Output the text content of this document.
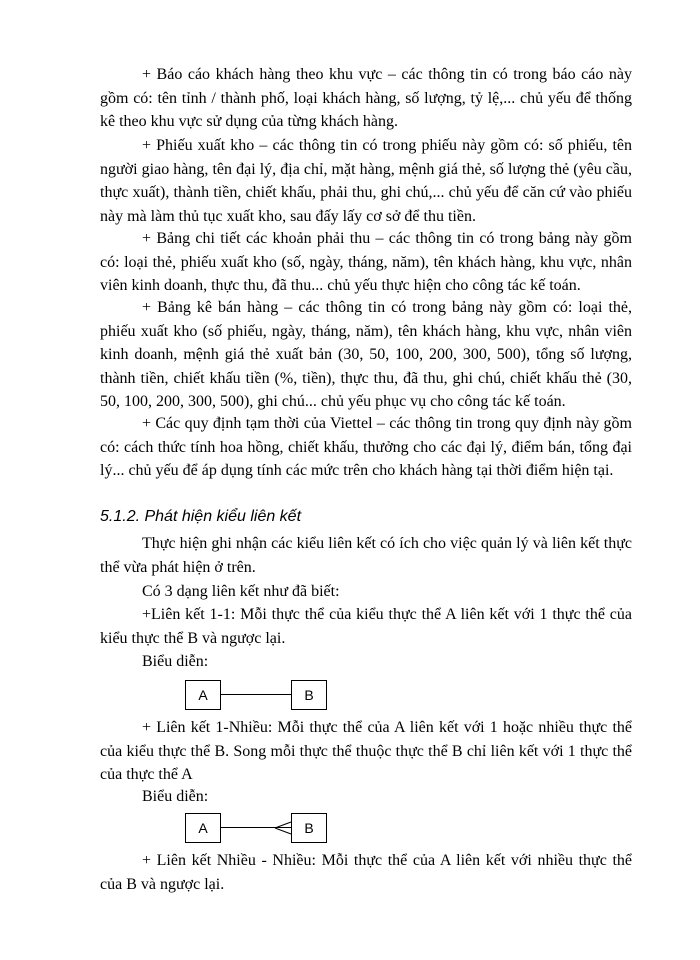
+ Báo cáo khách hàng theo khu vực – các thông tin có trong báo cáo này gồm có: tên tỉnh / thành phố, loại khách hàng, số lượng, tỷ lệ,... chủ yếu để thống kê theo khu vực sử dụng của từng khách hàng.

+ Phiếu xuất kho – các thông tin có trong phiếu này gồm có: số phiếu, tên người giao hàng, tên đại lý, địa chỉ, mặt hàng, mệnh giá thẻ, số lượng thẻ (yêu cầu, thực xuất), thành tiền, chiết khấu, phải thu, ghi chú,... chủ yếu để căn cứ vào phiếu này mà làm thủ tục xuất kho, sau đấy lấy cơ sở để thu tiền.

+ Bảng chi tiết các khoản phải thu – các thông tin có trong bảng này gồm có: loại thẻ, phiếu xuất kho (số, ngày, tháng, năm), tên khách hàng, khu vực, nhân viên kinh doanh, thực thu, đã thu... chủ yếu thực hiện cho công tác kế toán.

+ Bảng kê bán hàng – các thông tin có trong bảng này gồm có: loại thẻ, phiếu xuất kho (số phiếu, ngày, tháng, năm), tên khách hàng, khu vực, nhân viên kinh doanh, mệnh giá thẻ xuất bản (30, 50, 100, 200, 300, 500), tổng số lượng, thành tiền, chiết khấu tiền (%, tiền), thực thu, đã thu, ghi chú, chiết khấu thẻ (30, 50, 100, 200, 300, 500), ghi chú... chủ yếu phục vụ cho công tác kế toán.

+ Các quy định tạm thời của Viettel – các thông tin trong quy định này gồm có: cách thức tính hoa hồng, chiết khấu, thưởng cho các đại lý, điểm bán, tổng đại lý... chủ yếu để áp dụng tính các mức trên cho khách hàng tại thời điểm hiện tại.

5.1.2. Phát hiện kiểu liên kết

Thực hiện ghi nhận các kiểu liên kết có ích cho việc quản lý và liên kết thực thể vừa phát hiện ở trên.

Có 3 dạng liên kết như đã biết:

+Liên kết 1-1: Mỗi thực thể của kiểu thực thể A liên kết với 1 thực thể của kiểu thực thể B và ngược lại.

Biểu diễn:

A	B

+ Liên kết 1-Nhiều: Mỗi thực thể của A liên kết với 1 hoặc nhiều thực thể của kiểu thực thể B. Song mỗi thực thể thuộc thực thể B chỉ liên kết với 1 thực thể của thực thể A

Biểu diễn:

A	B

+ Liên kết Nhiều - Nhiều: Mỗi thực thể của A liên kết với nhiều thực thể của B và ngược lại.
